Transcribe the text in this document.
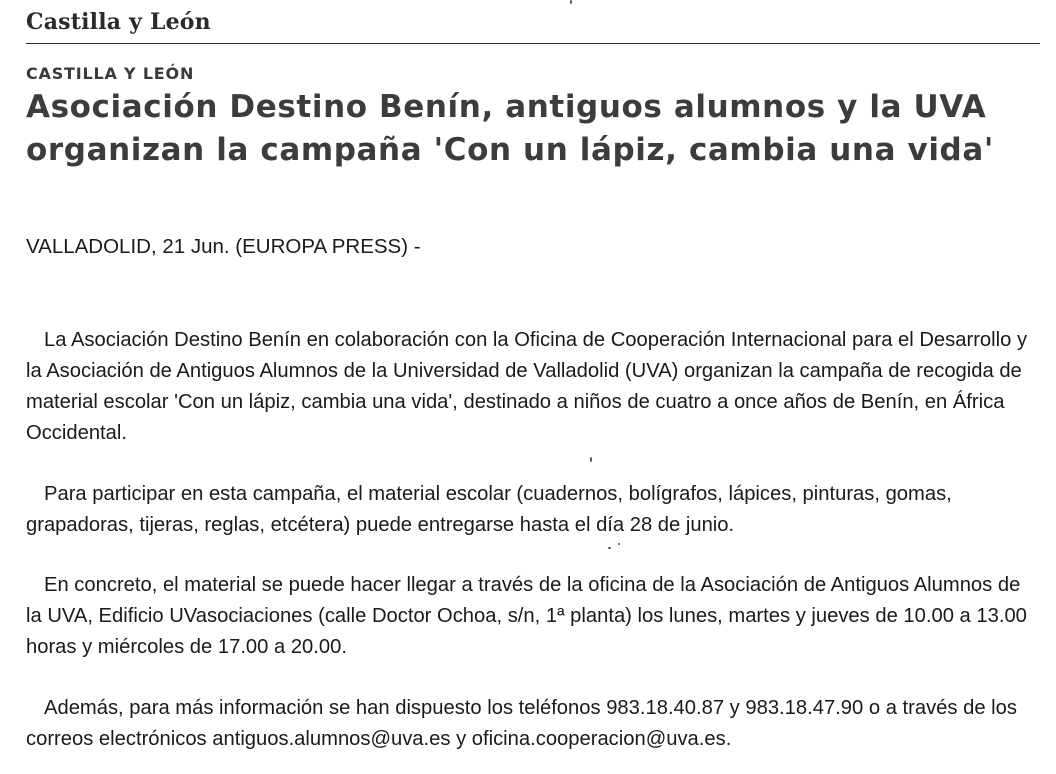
Castilla y León
CASTILLA Y LEÓN
Asociación Destino Benín, antiguos alumnos y la UVA organizan la campaña 'Con un lápiz, cambia una vida'
VALLADOLID, 21 Jun. (EUROPA PRESS) -

La Asociación Destino Benín en colaboración con la Oficina de Cooperación Internacional para el Desarrollo y la Asociación de Antiguos Alumnos de la Universidad de Valladolid (UVA) organizan la campaña de recogida de material escolar 'Con un lápiz, cambia una vida', destinado a niños de cuatro a once años de Benín, en África Occidental.

Para participar en esta campaña, el material escolar (cuadernos, bolígrafos, lápices, pinturas, gomas, grapadoras, tijeras, reglas, etcétera) puede entregarse hasta el día 28 de junio.

En concreto, el material se puede hacer llegar a través de la oficina de la Asociación de Antiguos Alumnos de la UVA, Edificio UVasociaciones (calle Doctor Ochoa, s/n, 1ª planta) los lunes, martes y jueves de 10.00 a 13.00 horas y miércoles de 17.00 a 20.00.

Además, para más información se han dispuesto los teléfonos 983.18.40.87 y 983.18.47.90 o a través de los correos electrónicos antiguos.alumnos@uva.es y oficina.cooperacion@uva.es.
